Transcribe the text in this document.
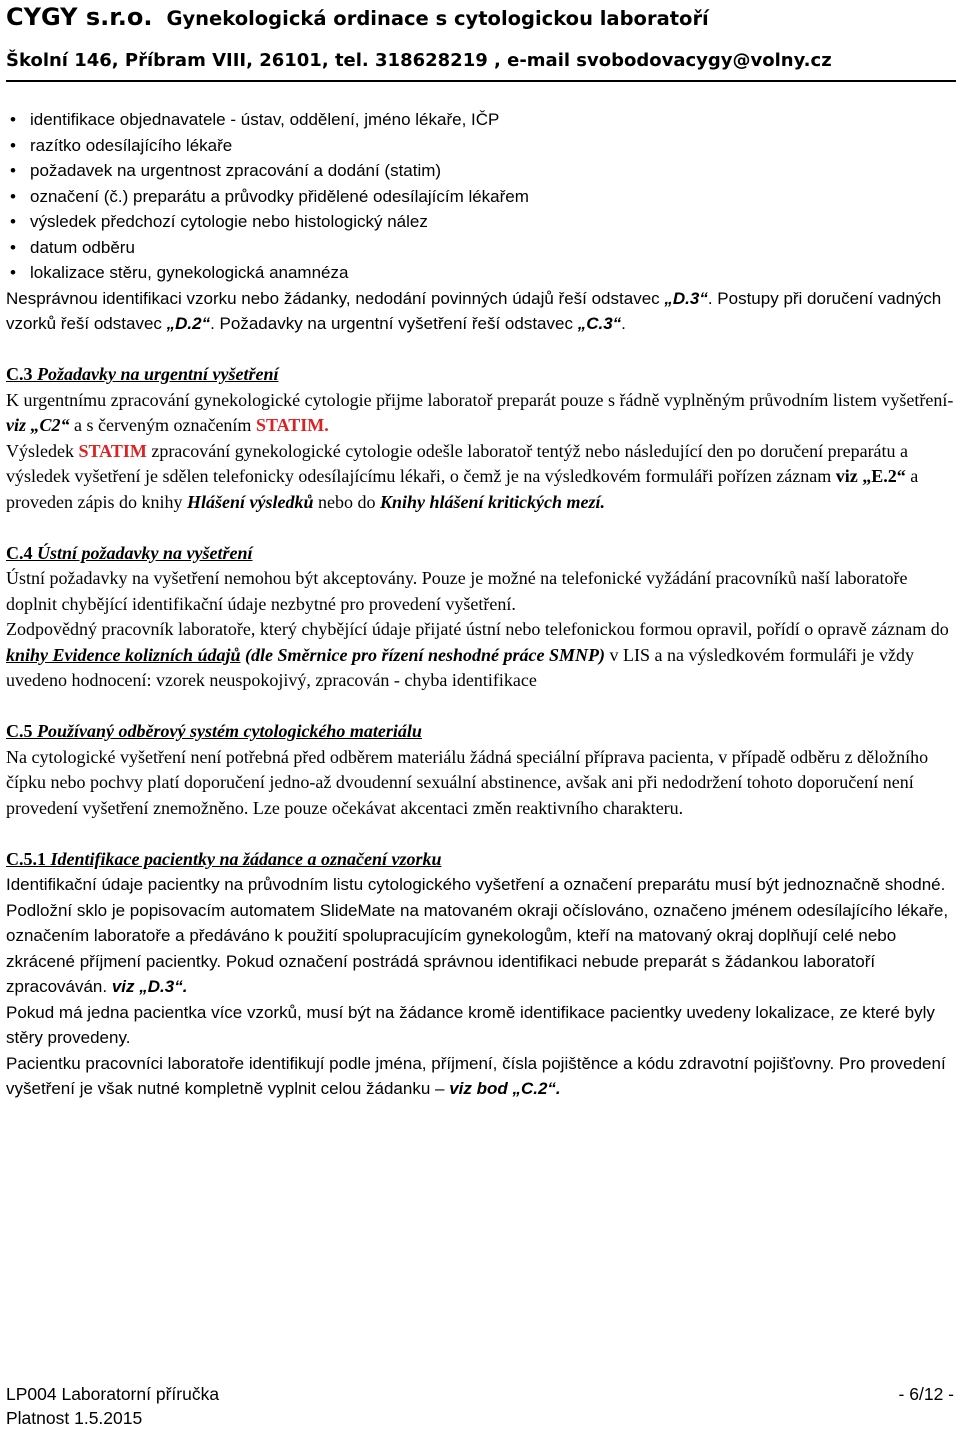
CYGY s.r.o. Gynekologická ordinace s cytologickou laboratoří
Školní 146, Příbram VIII, 26101, tel. 318628219 , e-mail svobodovacygy@volny.cz
• identifikace objednavatele - ústav, oddělení, jméno lékaře, IČP
• razítko odesílajícího lékaře
• požadavek na urgentnost zpracování a dodání (statim)
• označení (č.) preparátu a průvodky přidělené odesílajícím lékařem
• výsledek předchozí cytologie nebo histologický nález
• datum odběru
• lokalizace stěru, gynekologická anamnéza

Nesprávnou identifikaci vzorku nebo žádanky, nedodání povinných údajů řeší odstavec „D.3“. Postupy při doručení vadných vzorků řeší odstavec „D.2“. Požadavky na urgentní vyšetření řeší odstavec „C.3“.

C.3 Požadavky na urgentní vyšetření

K urgentnímu zpracování gynekologické cytologie přijme laboratoř preparát pouze s řádně vyplněným průvodním listem vyšetření- viz „C2“ a s červeným označením STATIM.

Výsledek STATIM zpracování gynekologické cytologie odešle laboratoř tentýž nebo následující den po doručení preparátu a výsledek vyšetření je sdělen telefonicky odesílajícímu lékaři, o čemž je na výsledkovém formuláři pořízen záznam viz „E.2“ a proveden zápis do knihy Hlášení výsledků nebo do Knihy hlášení kritických mezí.

C.4 Ústní požadavky na vyšetření

Ústní požadavky na vyšetření nemohou být akceptovány. Pouze je možné na telefonické vyžádání pracovníků naší laboratoře doplnit chybějící identifikační údaje nezbytné pro provedení vyšetření.

Zodpovědný pracovník laboratoře, který chybějící údaje přijaté ústní nebo telefonickou formou opravil, pořídí o opravě záznam do knihy Evidence kolizních údajů (dle Směrnice pro řízení neshodné práce SMNP) v LIS a na výsledkovém formuláři je vždy uvedeno hodnocení: vzorek neuspokojivý, zpracován - chyba identifikace

C.5 Používaný odběrový systém cytologického materiálu

Na cytologické vyšetření není potřebná před odběrem materiálu žádná speciální příprava pacienta, v případě odběru z děložního čípku nebo pochvy platí doporučení jedno-až dvoudenní sexuální abstinence, avšak ani při nedodržení tohoto doporučení není provedení vyšetření znemožněno. Lze pouze očekávat akcentaci změn reaktivního charakteru.

C.5.1 Identifikace pacientky na žádance a označení vzorku

Identifikační údaje pacientky na průvodním listu cytologického vyšetření a označení preparátu musí být jednoznačně shodné. Podložní sklo je popisovacím automatem SlideMate na matovaném okraji očíslováno, označeno jménem odesílajícího lékaře, označením laboratoře a předáváno k použití spolupracujícím gynekologům, kteří na matovaný okraj doplňují celé nebo zkrácené příjmení pacientky. Pokud označení postrádá správnou identifikaci nebude preparát s žádankou laboratoří zpracováván. viz „D.3“.

Pokud má jedna pacientka více vzorků, musí být na žádance kromě identifikace pacientky uvedeny lokalizace, ze které byly stěry provedeny.

Pacientku pracovníci laboratoře identifikují podle jména, příjmení, čísla pojištěnce a kódu zdravotní pojišťovny. Pro provedení vyšetření je však nutné kompletně vyplnit celou žádanku – viz bod „C.2“.

LP004 Laboratorní příručka	- 6/12 -
Platnost 1.5.2015
